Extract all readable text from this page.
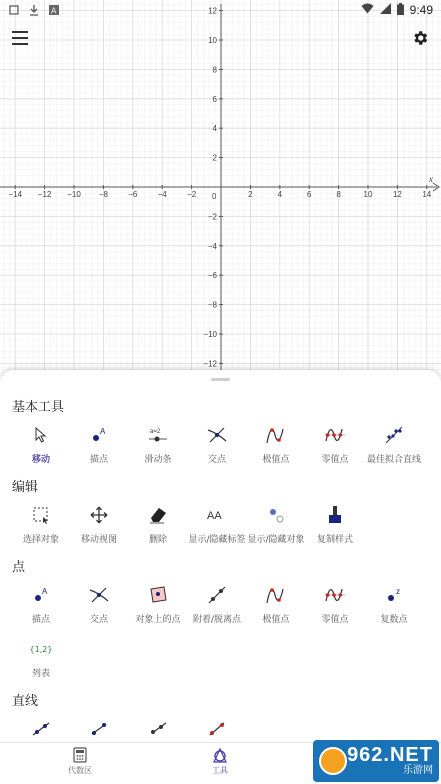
−14 −12 −10 −8	−6	−4	−2 0	2	4	6	8	10	12	14
x
12
10
8
6
4
2
−2
−4
−6
−8
−10
−12
A	9:49
基本工具
移动
A
描点
a=2
滑动条	交点	极值点	零值点 最佳拟合直线
编辑
选择对象 移动视图	删除
AA
显示/隐藏标签 显示/隐藏对象 复制样式
点
A
描点	交点	对象上的点 附着/脱离点 极值点	零值点
z
复数点
{1,2}
列表
直线
代数区	工具
962.NET
乐游网
